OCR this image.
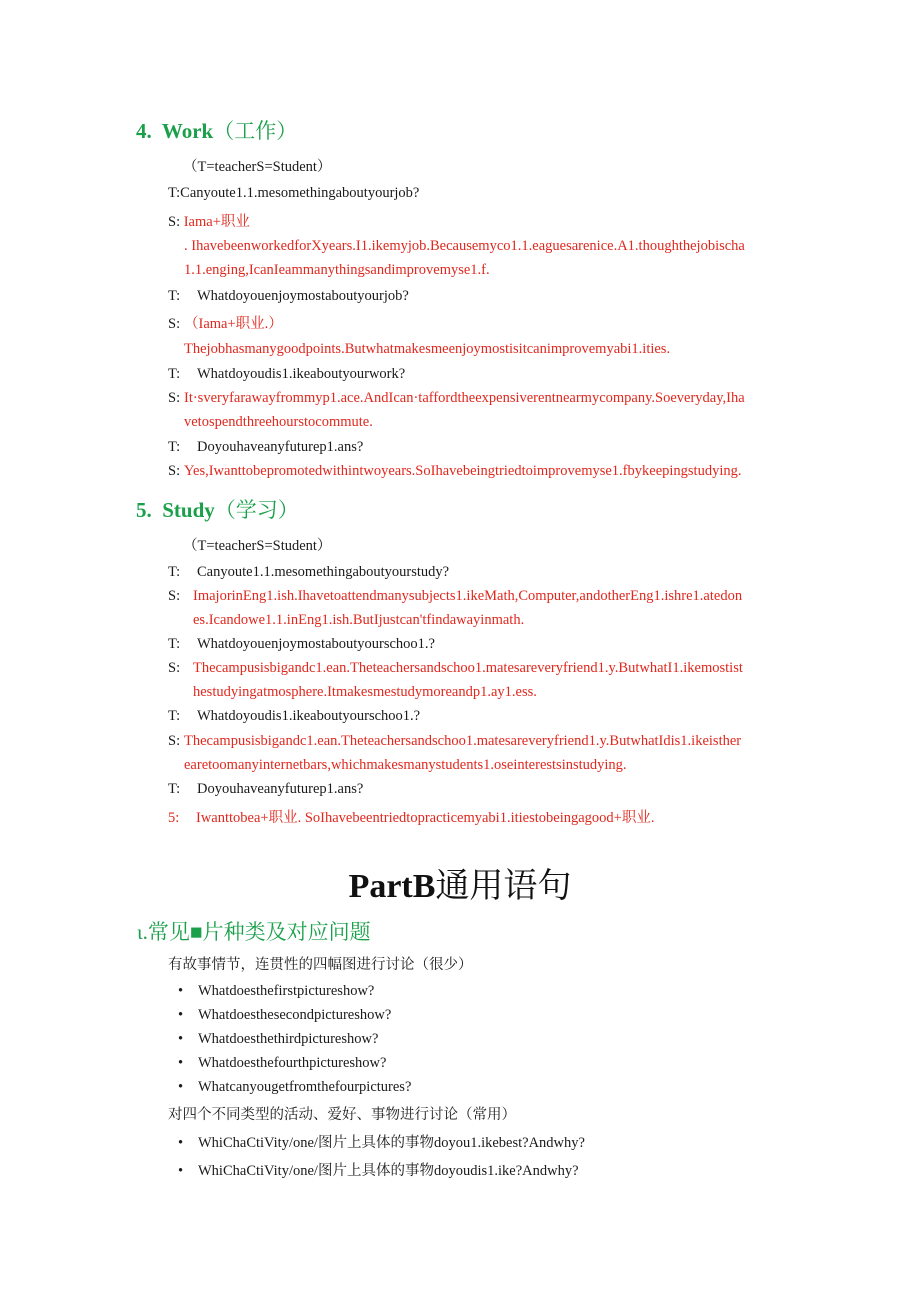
4. Work（工作）
（T=teacherS=Student）
T:Canyoute1.1.mesomethingaboutyourjob?
S: Iama+职业
. IhavebeenworkedforXyears.I1.ikemyjob.Becausemyco1.1.eaguesarenice.A1.thoughthejobischa
1.1.enging,IcanIeammanythingsandimprovemyse1.f.
T: Whatdoyouenjoymostaboutyourjob?
S: （Iama+职业.）
Thejobhasmanygoodpoints.Butwhatmakesmeenjoymostisitcanimprovemyabi1.ities.
T: Whatdoyoudis1.ikeaboutyourwork?
S: It·sveryfarawayfrommyp1.ace.AndIcan·taffordtheexpensiverentnearmycompany.Soeveryday,Iha
vetospendthreehourstocommute.
T: Doyouhaveanyfuturep1.ans?
S: Yes,Iwanttobepromotedwithintwoyears.SoIhavebeingtriedtoimprovemyse1.fbykeepingstudying.
5. Study（学习）
（T=teacherS=Student）
T: Canyoute1.1.mesomethingaboutyourstudy?
S: ImajorinEng1.ish.Ihavetoattendmanysubjects1.ikeMath,Computer,andotherEng1.ishre1.atedon
es.Icandowe1.1.inEng1.ish.ButIjustcan'tfindawayinmath.
T: Whatdoyouenjoymostaboutyourschoo1.?
S: Thecampusisbigandc1.ean.Theteachersandschoo1.matesareveryfriend1.y.ButwhatI1.ikemostist
hestudyingatmosphere.Itmakesmestudymoreandp1.ay1.ess.
T: Whatdoyoudis1.ikeaboutyourschoo1.?
S: Thecampusisbigandc1.ean.Theteachersandschoo1.matesareveryfriend1.y.ButwhatIdis1.ikeisther
earetoomanyinternetbars,whichmakesmanystudents1.oseinterestsinstudying.
T: Doyouhaveanyfuturep1.ans?
5: Iwanttobea+职业. SoIhavebeentriedtopracticemyabi1.itiestobeingagood+职业.
PartB通用语句
ι.常见■片种类及对应问题
有故事情节，连贯性的四幅图进行讨论（很少）
• Whatdoesthefirstpictureshow?
• Whatdoesthesecondpictureshow?
• Whatdoesthethirdpictureshow?
• Whatdoesthefourthpictureshow?
• Whatcanyougetfromthefourpictures?
对四个不同类型的活动、爱好、事物进行讨论（常用）
• WhiChaCtiVity/one/图片上具体的事物doyou1.ikebest?Andwhy?
• WhiChaCtiVity/one/图片上具体的事物doyoudis1.ike?Andwhy?
